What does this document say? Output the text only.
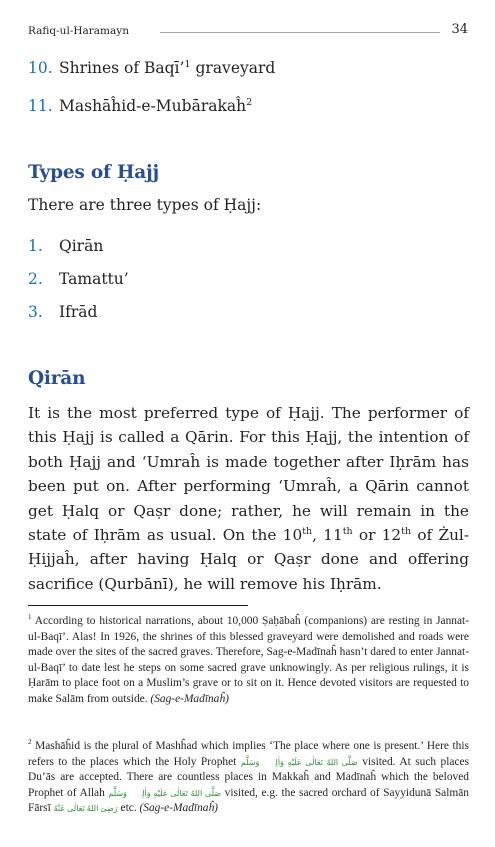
Rafiq-ul-Haramayn	34
10. Shrines of Baqī’$^1$ graveyard
11. Mashāĥid-e-Mubārakaĥ$^2$
Types of Ḥajj

There are three types of Ḥajj:

1. Qirān
2. Tamattu’
3. Ifrād
Qirān

It is the most preferred type of Ḥajj. The performer of this Ḥajj is called a Qārin. For this Ḥajj, the intention of both Ḥajj and ‘Umraĥ is made together after Iḥrām has been put on. After performing ‘Umraĥ, a Qārin cannot get Ḥalq or Qaṣr done; rather, he will remain in the state of Iḥrām as usual. On the 10th, 11th or 12th of Żul-Ḥijjaĥ, after having Ḥalq or Qaṣr done and offering sacrifice (Qurbānī), he will remove his Iḥrām.

$^1$ According to historical narrations, about 10,000 Ṣaḥābaĥ (companions) are resting in Jannat-ul-Baqī’. Alas! In 1926, the shrines of this blessed graveyard were demolished and roads were made over the sites of the sacred graves. Therefore, Sag-e-Madīnaĥ hasn’t dared to enter Jannat-ul-Baqī’ to date lest he steps on some sacred grave unknowingly. As per religious rulings, it is Ḥarām to place foot on a Muslim’s grave or to sit on it. Hence devoted visitors are requested to make Salām from outside. (Sag-e-Madīnaĥ)

$^2$ Mashāĥid is the plural of Mashĥad which implies ‘The place where one is present.’ Here this refers to the places which the Holy Prophet صَلَّى اللهُ تَعَالٰى عَلَيْهِ وَاٰلِهٖ وَسَلَّم visited. At such places Du’ās are accepted. There are countless places in Makkaĥ and Madīnaĥ which the beloved Prophet of Allah صَلَّى اللهُ تَعَالٰى عَلَيْهِ وَاٰلِهٖ وَسَلَّم visited, e.g. the sacred orchard of Sayyidunā Salmān Fārsī رَضِىَ اللهُ تَعَالٰى عَنْهُ etc. (Sag-e-Madīnaĥ)
